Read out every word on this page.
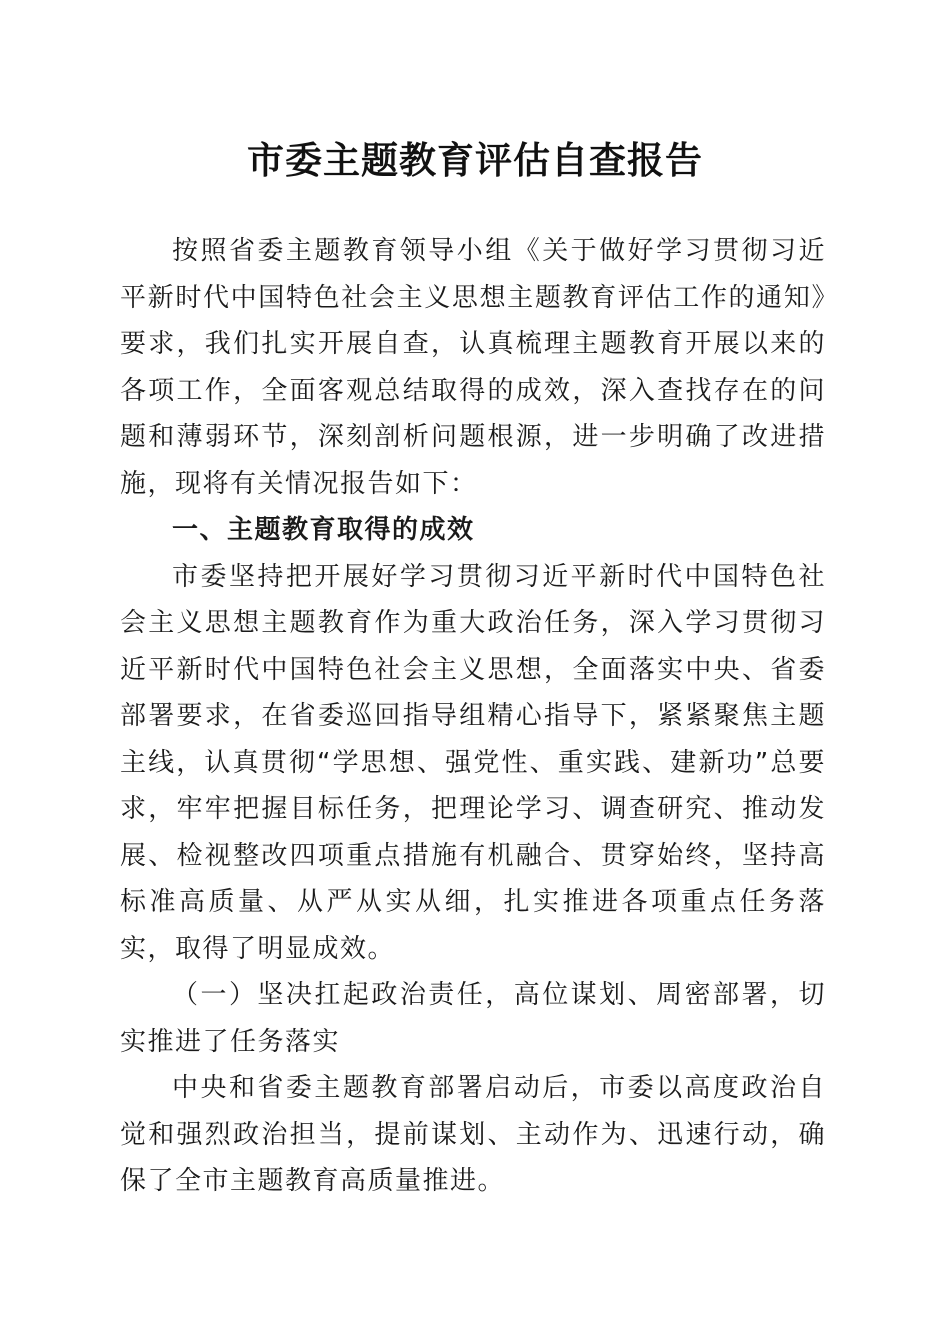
市委主题教育评估自查报告

按照省委主题教育领导小组《关于做好学习贯彻习近平新时代中国特色社会主义思想主题教育评估工作的通知》要求，我们扎实开展自查，认真梳理主题教育开展以来的各项工作，全面客观总结取得的成效，深入查找存在的问题和薄弱环节，深刻剖析问题根源，进一步明确了改进措施，现将有关情况报告如下：

一、主题教育取得的成效

市委坚持把开展好学习贯彻习近平新时代中国特色社会主义思想主题教育作为重大政治任务，深入学习贯彻习近平新时代中国特色社会主义思想，全面落实中央、省委部署要求，在省委巡回指导组精心指导下，紧紧聚焦主题主线，认真贯彻“学思想、强党性、重实践、建新功”总要求，牢牢把握目标任务，把理论学习、调查研究、推动发展、检视整改四项重点措施有机融合、贯穿始终，坚持高标准高质量、从严从实从细，扎实推进各项重点任务落实，取得了明显成效。

（一）坚决扛起政治责任，高位谋划、周密部署，切实推进了任务落实

中央和省委主题教育部署启动后，市委以高度政治自觉和强烈政治担当，提前谋划、主动作为、迅速行动，确保了全市主题教育高质量推进。
